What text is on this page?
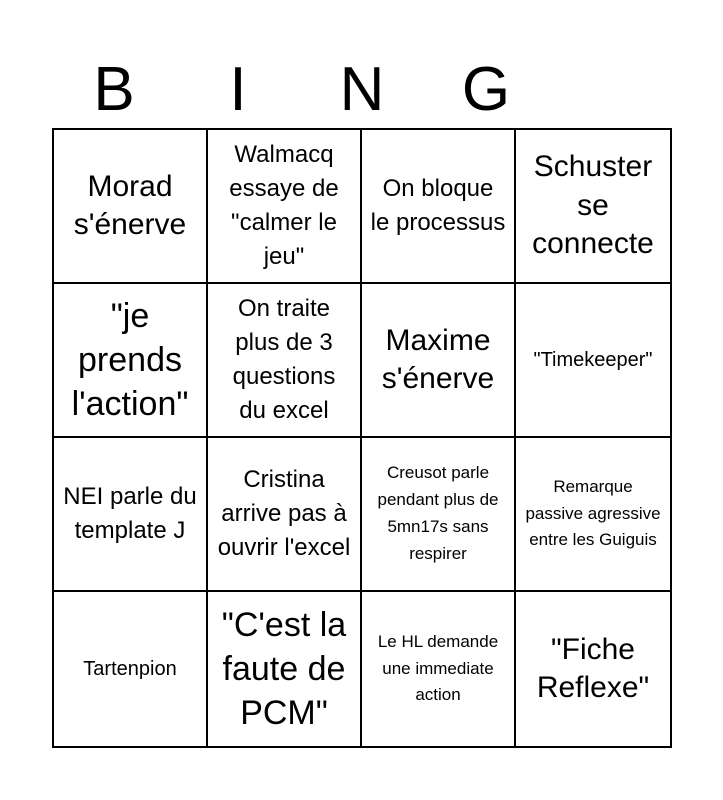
B	I	N	G
Morad s'énerve
Walmacq essaye de "calmer le jeu"
On bloque le processus
Schuster se connecte
"je prends l'action"
On traite plus de 3 questions du excel
Maxime s'énerve
"Timekeeper"
NEI parle du template J
Cristina arrive pas à ouvrir l'excel
Creusot parle pendant plus de 5mn17s sans respirer
Remarque passive agressive entre les Guiguis
Tartenpion
"C'est la faute de PCM"
Le HL demande une immediate action
"Fiche Reflexe"
